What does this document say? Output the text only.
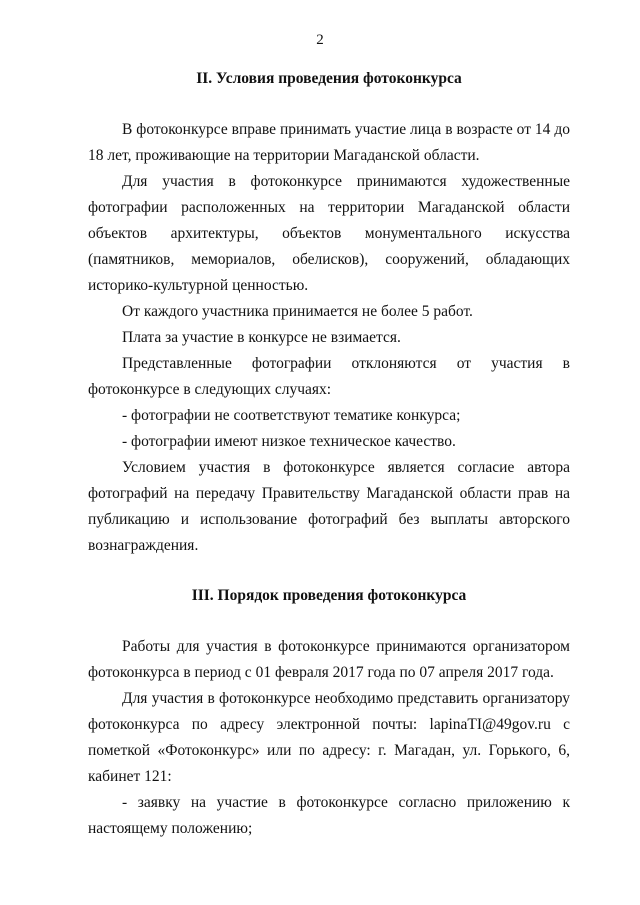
2
II. Условия проведения фотоконкурса

В фотоконкурсе вправе принимать участие лица в возрасте от 14 до 18 лет, проживающие на территории Магаданской области.

Для участия в фотоконкурсе принимаются художественные фотографии расположенных на территории Магаданской области объектов архитектуры, объектов монументального искусства (памятников, мемориалов, обелисков), сооружений, обладающих историко-культурной ценностью.

От каждого участника принимается не более 5 работ.

Плата за участие в конкурсе не взимается.

Представленные фотографии отклоняются от участия в фотоконкурсе в следующих случаях:

- фотографии не соответствуют тематике конкурса;

- фотографии имеют низкое техническое качество.

Условием участия в фотоконкурсе является согласие автора фотографий на передачу Правительству Магаданской области прав на публикацию и использование фотографий без выплаты авторского вознаграждения.

III. Порядок проведения фотоконкурса

Работы для участия в фотоконкурсе принимаются организатором фотоконкурса в период с 01 февраля 2017 года по 07 апреля 2017 года.

Для участия в фотоконкурсе необходимо представить организатору фотоконкурса по адресу электронной почты: lapinaTI@49gov.ru с пометкой «Фотоконкурс» или по адресу: г. Магадан, ул. Горького, 6, кабинет 121:

- заявку на участие в фотоконкурсе согласно приложению к настоящему положению;
